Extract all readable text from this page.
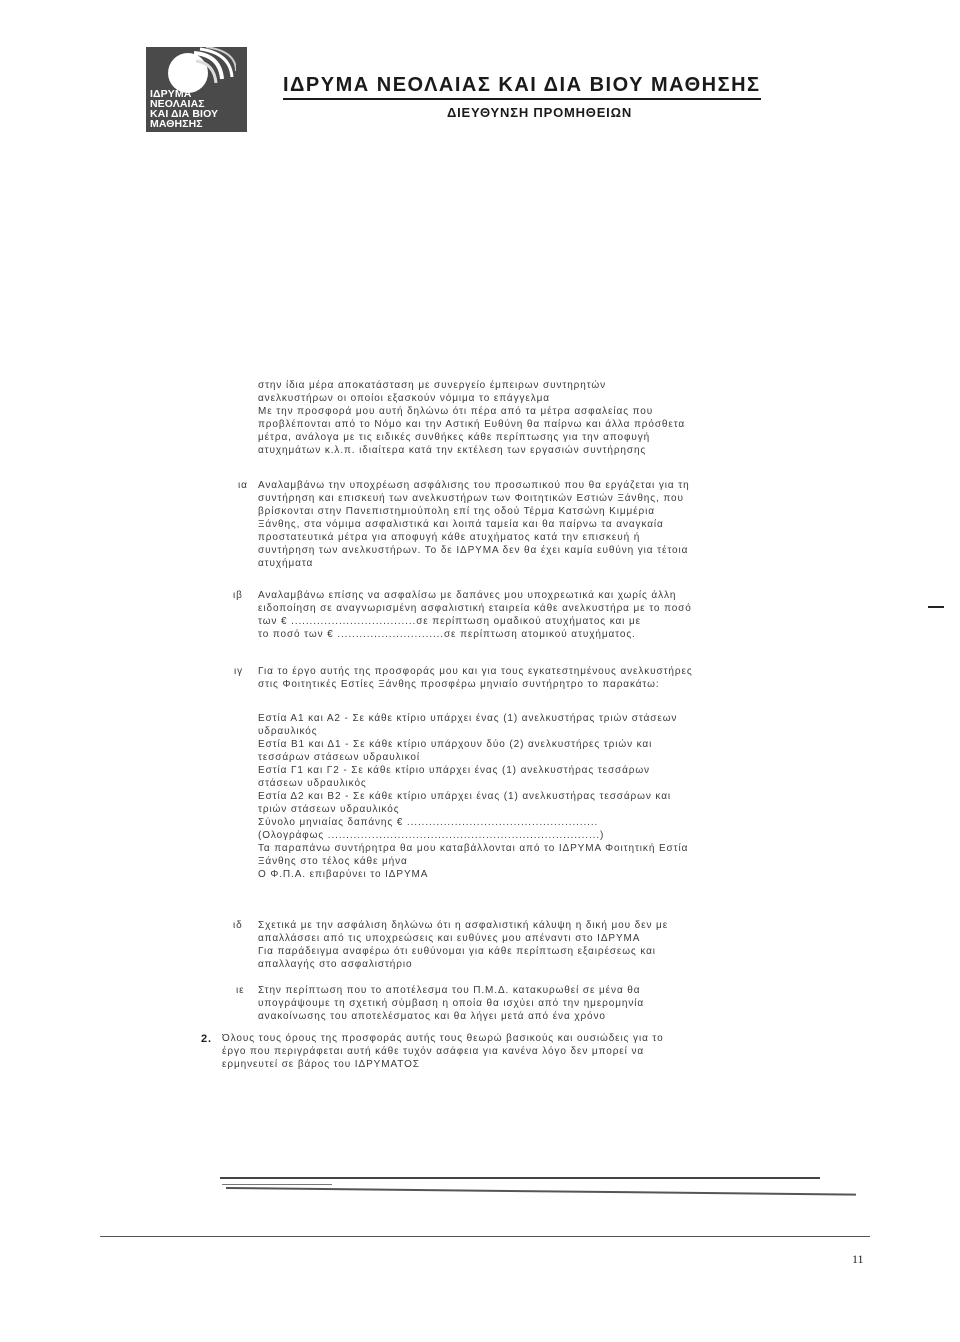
ΙΔΡΥΜΑ
ΝΕΟΛΑΙΑΣ
ΚΑΙ ΔΙΑ ΒΙΟΥ
ΜΑΘΗΣΗΣ
ΙΔΡΥΜΑ ΝΕΟΛΑΙΑΣ ΚΑΙ ΔΙΑ ΒΙΟΥ ΜΑΘΗΣΗΣ
ΔΙΕΥΘΥΝΣΗ ΠΡΟΜΗΘΕΙΩΝ
ια
ιβ
ιγ
ιδ
ιε
2.
στην ίδια μέρα αποκατάσταση με συνεργείο έμπειρων συντηρητών
ανελκυστήρων οι οποίοι εξασκούν νόμιμα το επάγγελμα
Με την προσφορά μου αυτή δηλώνω ότι πέρα από τα μέτρα ασφαλείας που
προβλέπονται από το Νόμο και την Αστική Ευθύνη θα παίρνω και άλλα πρόσθετα
μέτρα, ανάλογα με τις ειδικές συνθήκες κάθε περίπτωσης για την αποφυγή
ατυχημάτων κ.λ.π. ιδιαίτερα κατά την εκτέλεση των εργασιών συντήρησης
Αναλαμβάνω την υποχρέωση ασφάλισης του προσωπικού που θα εργάζεται για τη
συντήρηση και επισκευή των ανελκυστήρων των Φοιτητικών Εστιών Ξάνθης, που
βρίσκονται στην Πανεπιστημιούπολη επί της οδού Τέρμα Κατσώνη Κιμμέρια
Ξάνθης, στα νόμιμα ασφαλιστικά και λοιπά ταμεία και θα παίρνω τα αναγκαία
προστατευτικά μέτρα για αποφυγή κάθε ατυχήματος κατά την επισκευή ή
συντήρηση των ανελκυστήρων. Το δε ΙΔΡΥΜΑ δεν θα έχει καμία ευθύνη για τέτοια
ατυχήματα
Αναλαμβάνω επίσης να ασφαλίσω με δαπάνες μου υποχρεωτικά και χωρίς άλλη
ειδοποίηση σε αναγνωρισμένη ασφαλιστική εταιρεία κάθε ανελκυστήρα με το ποσό
των € ..................................σε περίπτωση ομαδικού ατυχήματος και με
το ποσό των € .............................σε περίπτωση ατομικού ατυχήματος.
Για το έργο αυτής της προσφοράς μου και για τους εγκατεστημένους ανελκυστήρες
στις Φοιτητικές Εστίες Ξάνθης προσφέρω μηνιαίο συντήρητρο το παρακάτω:
Εστία Α1 και Α2 - Σε κάθε κτίριο υπάρχει ένας (1) ανελκυστήρας τριών στάσεων
υδραυλικός
Εστία Β1 και Δ1 - Σε κάθε κτίριο υπάρχουν δύο (2) ανελκυστήρες τριών και
τεσσάρων στάσεων υδραυλικοί
Εστία Γ1 και Γ2 - Σε κάθε κτίριο υπάρχει ένας (1) ανελκυστήρας τεσσάρων
στάσεων υδραυλικός
Εστία Δ2 και Β2 - Σε κάθε κτίριο υπάρχει ένας (1) ανελκυστήρας τεσσάρων και
τριών στάσεων υδραυλικός
Σύνολο μηνιαίας δαπάνης € ....................................................
(Ολογράφως ..........................................................................)
Τα παραπάνω συντήρητρα θα μου καταβάλλονται από το ΙΔΡΥΜΑ Φοιτητική Εστία
Ξάνθης στο τέλος κάθε μήνα
Ο Φ.Π.Α. επιβαρύνει το ΙΔΡΥΜΑ
Σχετικά με την ασφάλιση δηλώνω ότι η ασφαλιστική κάλυψη η δική μου δεν με
απαλλάσσει από τις υποχρεώσεις και ευθύνες μου απέναντι στο ΙΔΡΥΜΑ
Για παράδειγμα αναφέρω ότι ευθύνομαι για κάθε περίπτωση εξαιρέσεως και
απαλλαγής στο ασφαλιστήριο
Στην περίπτωση που το αποτέλεσμα του Π.Μ.Δ. κατακυρωθεί σε μένα θα
υπογράψουμε τη σχετική σύμβαση η οποία θα ισχύει από την ημερομηνία
ανακοίνωσης του αποτελέσματος και θα λήγει μετά από ένα χρόνο
Όλους τους όρους της προσφοράς αυτής τους θεωρώ βασικούς και ουσιώδεις για το
έργο που περιγράφεται αυτή κάθε τυχόν ασάφεια για κανένα λόγο δεν μπορεί να
ερμηνευτεί σε βάρος του ΙΔΡΥΜΑΤΟΣ
11
